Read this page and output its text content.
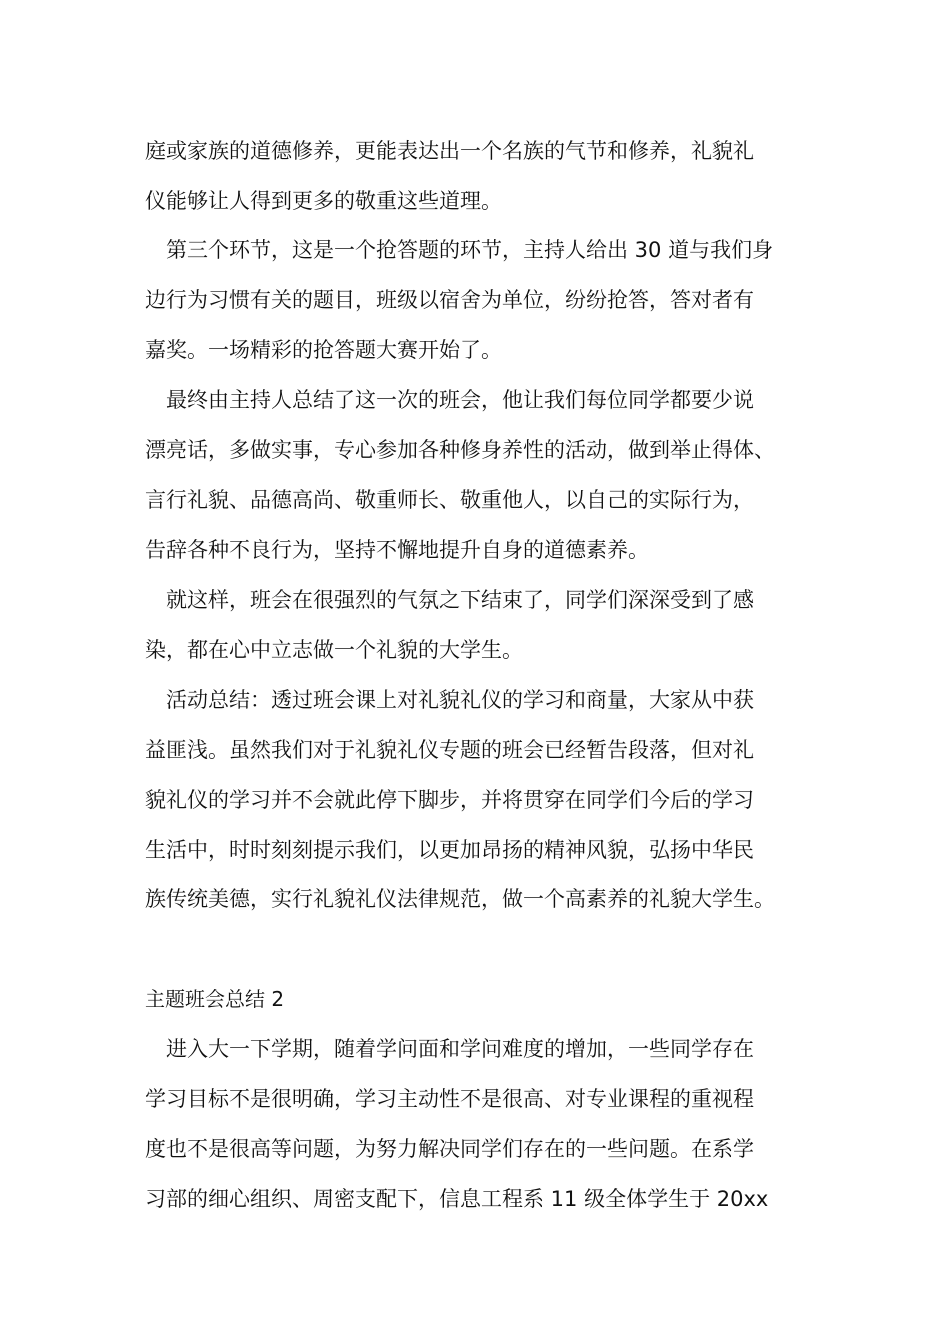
庭或家族的道德修养，更能表达出一个名族的气节和修养，礼貌礼
仪能够让人得到更多的敬重这些道理。
第三个环节，这是一个抢答题的环节，主持人给出 30 道与我们身
边行为习惯有关的题目，班级以宿舍为单位，纷纷抢答，答对者有
嘉奖。一场精彩的抢答题大赛开始了。
最终由主持人总结了这一次的班会，他让我们每位同学都要少说
漂亮话，多做实事，专心参加各种修身养性的活动，做到举止得体、
言行礼貌、品德高尚、敬重师长、敬重他人，以自己的实际行为，
告辞各种不良行为，坚持不懈地提升自身的道德素养。
就这样，班会在很强烈的气氛之下结束了，同学们深深受到了感
染，都在心中立志做一个礼貌的大学生。
活动总结：透过班会课上对礼貌礼仪的学习和商量，大家从中获
益匪浅。虽然我们对于礼貌礼仪专题的班会已经暂告段落，但对礼
貌礼仪的学习并不会就此停下脚步，并将贯穿在同学们今后的学习
生活中，时时刻刻提示我们，以更加昂扬的精神风貌，弘扬中华民
族传统美德，实行礼貌礼仪法律规范，做一个高素养的礼貌大学生。
主题班会总结 2
进入大一下学期，随着学问面和学问难度的增加，一些同学存在
学习目标不是很明确，学习主动性不是很高、对专业课程的重视程
度也不是很高等问题，为努力解决同学们存在的一些问题。在系学
习部的细心组织、周密支配下，信息工程系 11 级全体学生于 20xx
